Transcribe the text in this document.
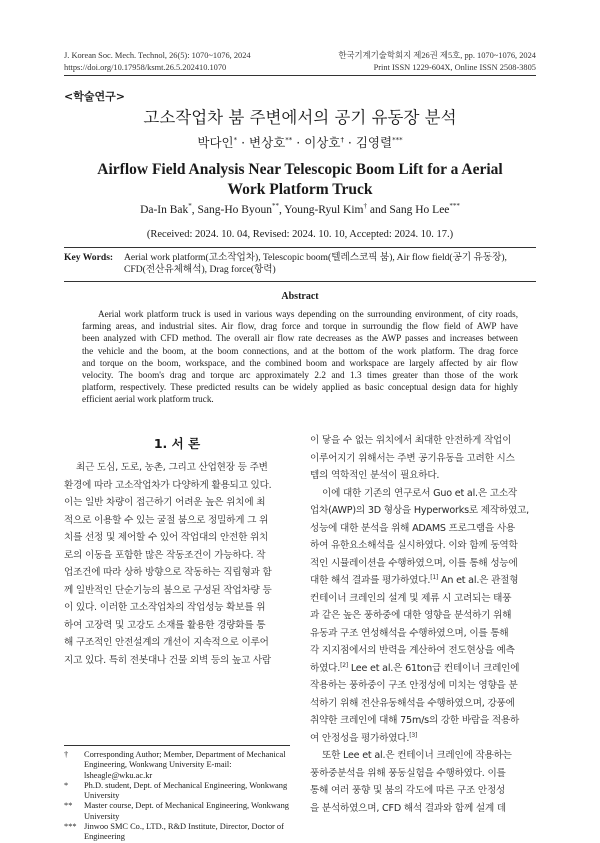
J. Korean Soc. Mech. Technol, 26(5): 1070~1076, 2024
https://doi.org/10.17958/ksmt.26.5.202410.1070
한국기계기술학회지 제26권 제5호, pp. 1070~1076, 2024
Print ISSN 1229-604X, Online ISSN 2508-3805
<학술연구>
고소작업차 붐 주변에서의 공기 유동장 분석
박다인* · 변상호** · 이상호† · 김영렬***
Airflow Field Analysis Near Telescopic Boom Lift for a Aerial
Work Platform Truck
Da-In Bak*, Sang-Ho Byoun**, Young-Ryul Kim† and Sang Ho Lee***
(Received: 2024. 10. 04, Revised: 2024. 10. 10, Accepted: 2024. 10. 17.)
Key Words: Aerial work platform(고소작업차), Telescopic boom(텔레스코픽 붐), Air flow field(공기 유동장),
CFD(전산유체해석), Drag force(항력)
Abstract
Aerial work platform truck is used in various ways depending on the surrounding environment, of city roads,
farming areas, and industrial sites. Air flow, drag force and torque in surroundig the flow field of AWP have
been analyzed with CFD method. The overall air flow rate decreases as the AWP passes and increases between
the vehicle and the boom, at the boom connections, and at the bottom of the work platform. The drag force
and torque on the boom, workspace, and the combined boom and workspace are largely affected by air flow
velocity. The boom's drag and torque arc approximately 2.2 and 1.3 times greater than those of the work
platform, respectively. These predicted results can be widely applied as basic conceptual design data for highly
efficient aerial work platform truck.
1. 서 론
최근 도심, 도로, 농촌, 그리고 산업현장 등 주변
환경에 따라 고소작업차가 다양하게 활용되고 있다.
이는 일반 차량이 접근하기 어려운 높은 위치에 최
적으로 이용할 수 있는 굴절 붐으로 정밀하게 그 위
치를 선정 및 제어할 수 있어 작업대의 안전한 위치
로의 이동을 포함한 많은 작동조건이 가능하다. 작
업조건에 따라 상하 방향으로 작동하는 직립형과 함
께 일반적인 단순기능의 붐으로 구성된 작업차량 등
이 있다. 이러한 고소작업차의 작업성능 확보를 위
하여 고장력 및 고강도 소재를 활용한 경량화를 통
해 구조적인 안전설계의 개선이 지속적으로 이루어
지고 있다. 특히 전봇대나 건물 외벽 등의 높고 사람
이 닿을 수 없는 위치에서 최대한 안전하게 작업이
이루어지기 위해서는 주변 공기유동을 고려한 시스
템의 역학적인 분석이 필요하다.
이에 대한 기존의 연구로서 Guo et al.은 고소작
업차(AWP)의 3D 형상을 Hyperworks로 제작하였고,
성능에 대한 분석을 위해 ADAMS 프로그램을 사용
하여 유한요소해석을 실시하였다. 이와 함께 동역학
적인 시뮬레이션을 수행하였으며, 이를 통해 성능에
대한 해석 결과를 평가하였다.[1] An et al.은 관절형
컨테이너 크레인의 설계 및 제류 시 고려되는 태풍
과 같은 높은 풍하중에 대한 영향을 분석하기 위해
유동과 구조 연성해석을 수행하였으며, 이를 통해
각 지지점에서의 반력을 계산하여 전도현상을 예측
하였다.[2] Lee et al.은 61ton급 컨테이너 크레인에
작용하는 풍하중이 구조 안정성에 미치는 영향을 분
석하기 위해 전산유동해석을 수행하였으며, 강풍에
취약한 크레인에 대해 75m/s의 강한 바람을 적용하
여 안정성을 평가하였다.[3]
또한 Lee et al.은 컨테이너 크레인에 작용하는
풍하중분석을 위해 풍동실험을 수행하였다. 이를
통해 여러 풍향 및 붐의 각도에 따른 구조 안정성
을 분석하였으며, CFD 해석 결과와 함께 설계 데
†	Corresponding Author; Member, Department of Mechanical Engineering, Wonkwang University E-mail: lsheagle@wku.ac.kr
*	Ph.D. student, Dept. of Mechanical Engineering, Wonkwang University
**	Master course, Dept. of Mechanical Engineering, Wonkwang University
*** Jinwoo SMC Co., LTD., R&D Institute, Director, Doctor of Engineering
